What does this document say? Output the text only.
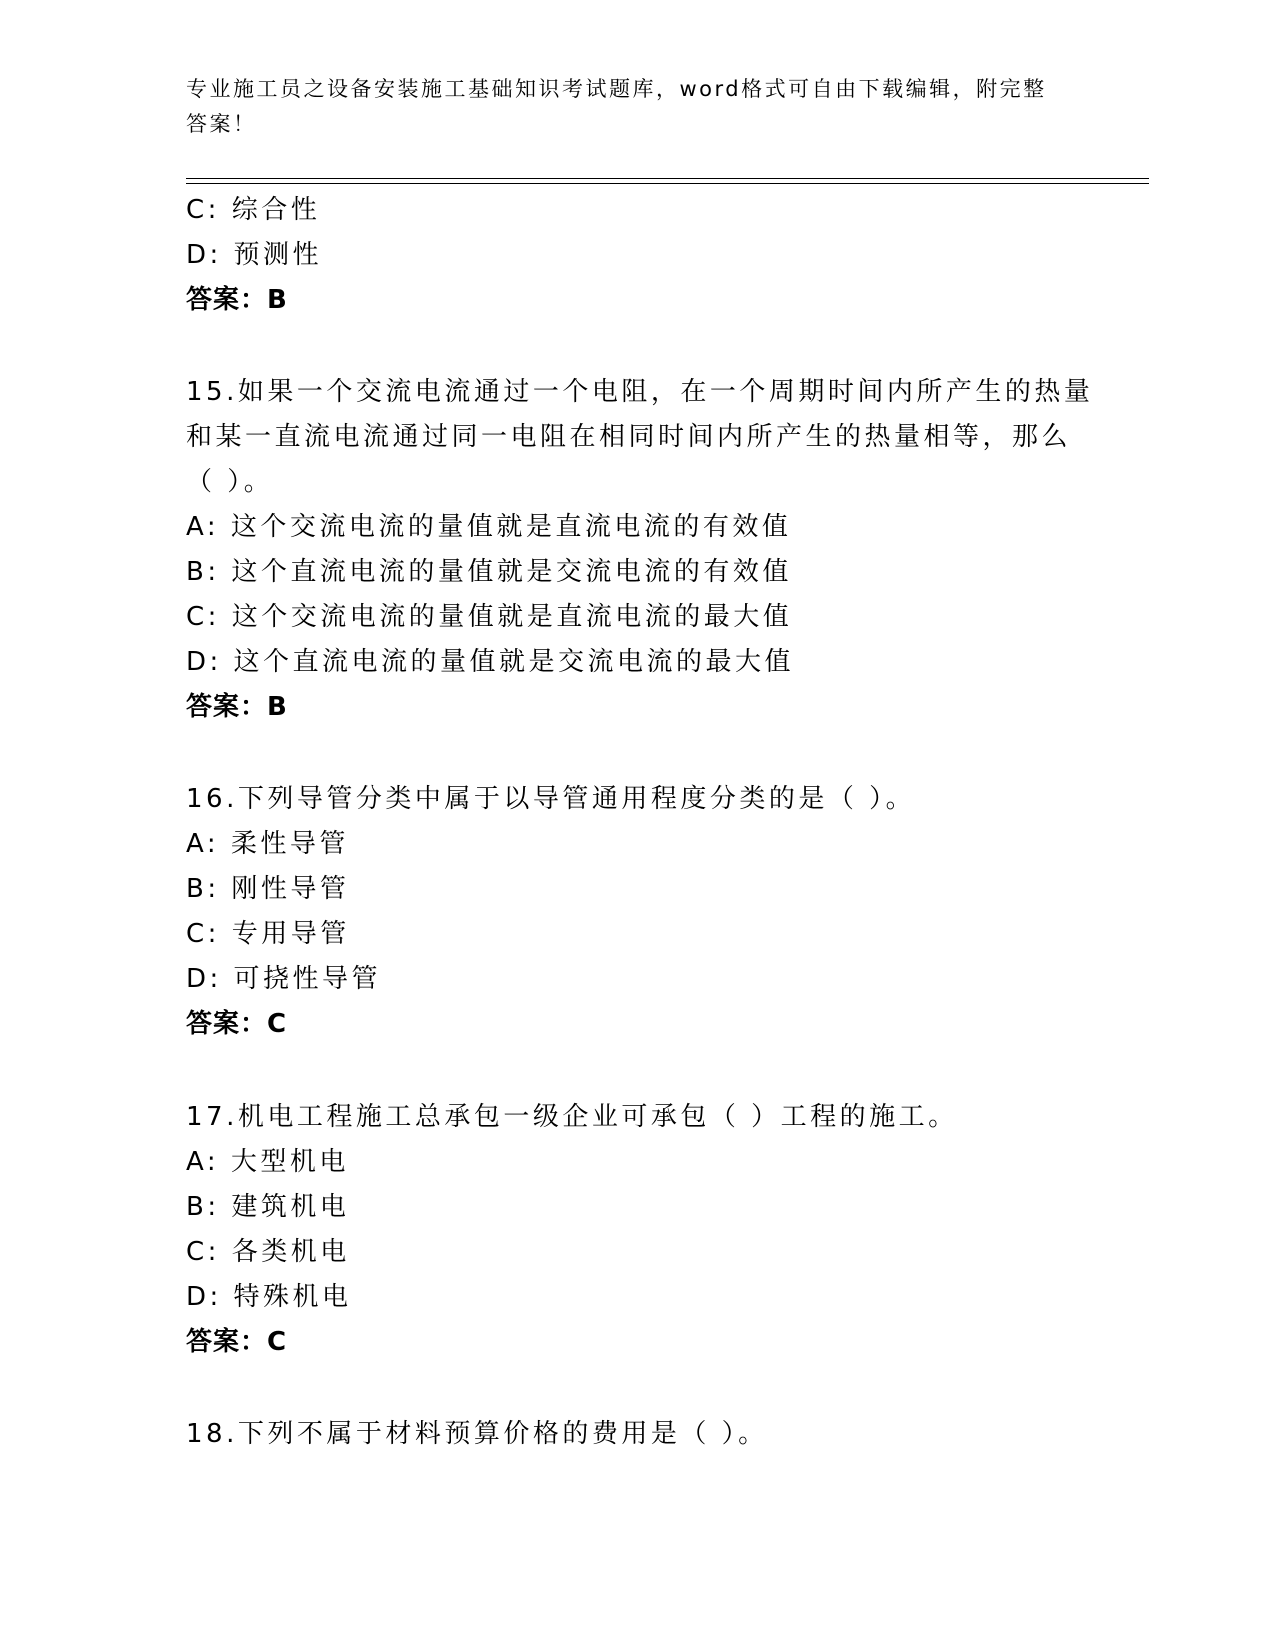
专业施工员之设备安装施工基础知识考试题库，word格式可自由下载编辑，附完整答案！
C: 综合性
D: 预测性
答案：B
15.如果一个交流电流通过一个电阻，在一个周期时间内所产生的热量
和某一直流电流通过同一电阻在相同时间内所产生的热量相等，那么
（ ）。
A: 这个交流电流的量值就是直流电流的有效值
B: 这个直流电流的量值就是交流电流的有效值
C: 这个交流电流的量值就是直流电流的最大值
D: 这个直流电流的量值就是交流电流的最大值
答案：B
16.下列导管分类中属于以导管通用程度分类的是（ ）。
A: 柔性导管
B: 刚性导管
C: 专用导管
D: 可挠性导管
答案：C
17.机电工程施工总承包一级企业可承包（ ）工程的施工。
A: 大型机电
B: 建筑机电
C: 各类机电
D: 特殊机电
答案：C
18.下列不属于材料预算价格的费用是（ ）。
